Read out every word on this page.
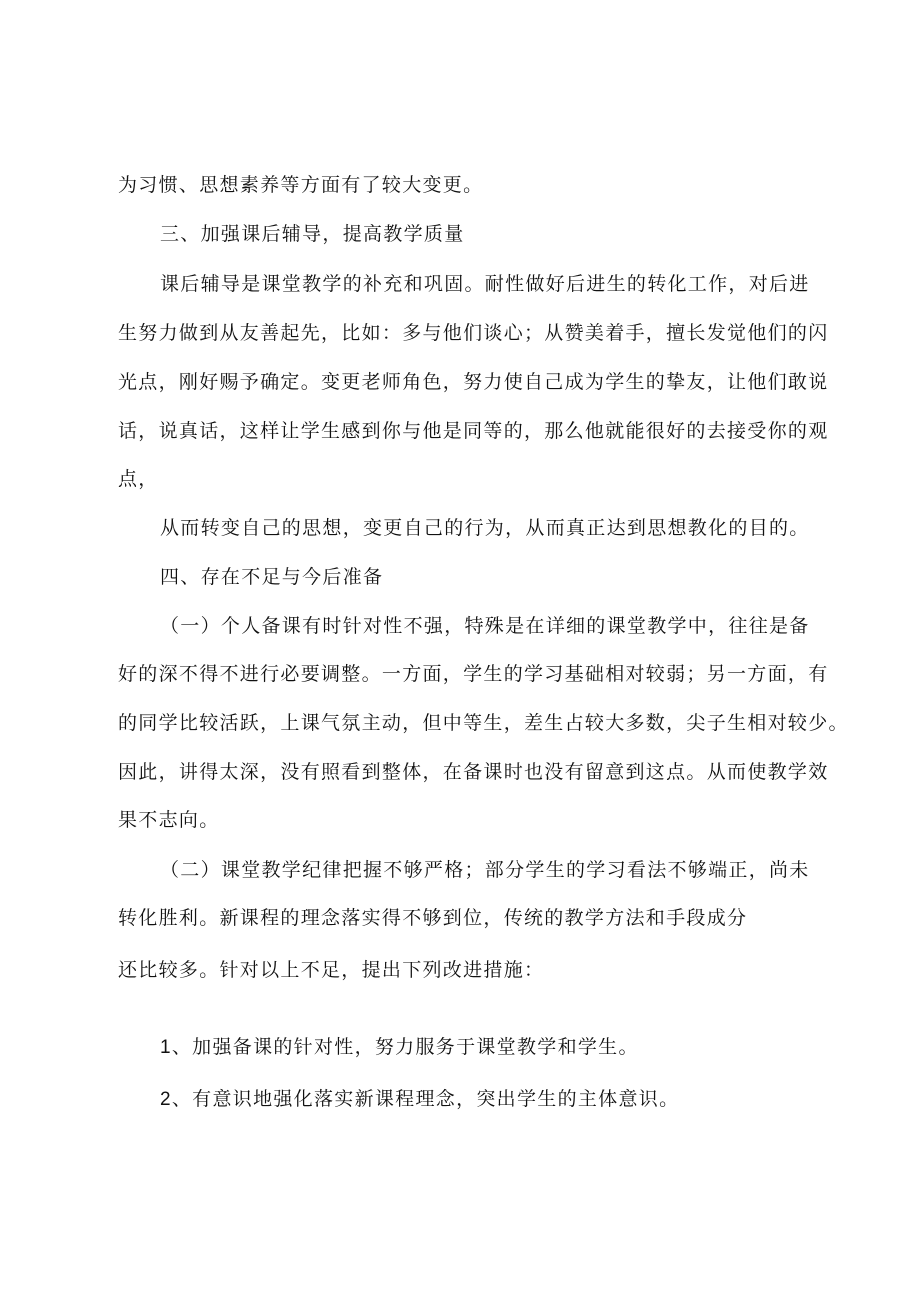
为习惯、思想素养等方面有了较大变更。
三、加强课后辅导，提高教学质量
课后辅导是课堂教学的补充和巩固。耐性做好后进生的转化工作，对后进
生努力做到从友善起先，比如：多与他们谈心；从赞美着手，擅长发觉他们的闪
光点，刚好赐予确定。变更老师角色，努力使自己成为学生的挚友，让他们敢说
话，说真话，这样让学生感到你与他是同等的，那么他就能很好的去接受你的观
点，
从而转变自己的思想，变更自己的行为，从而真正达到思想教化的目的。
四、存在不足与今后准备
（一）个人备课有时针对性不强，特殊是在详细的课堂教学中，往往是备
好的深不得不进行必要调整。一方面，学生的学习基础相对较弱；另一方面，有
的同学比较活跃，上课气氛主动，但中等生，差生占较大多数，尖子生相对较少。
因此，讲得太深，没有照看到整体，在备课时也没有留意到这点。从而使教学效
果不志向。
（二）课堂教学纪律把握不够严格；部分学生的学习看法不够端正，尚未
转化胜利。新课程的理念落实得不够到位，传统的教学方法和手段成分
还比较多。针对以上不足，提出下列改进措施：
1、加强备课的针对性，努力服务于课堂教学和学生。
2、有意识地强化落实新课程理念，突出学生的主体意识。
